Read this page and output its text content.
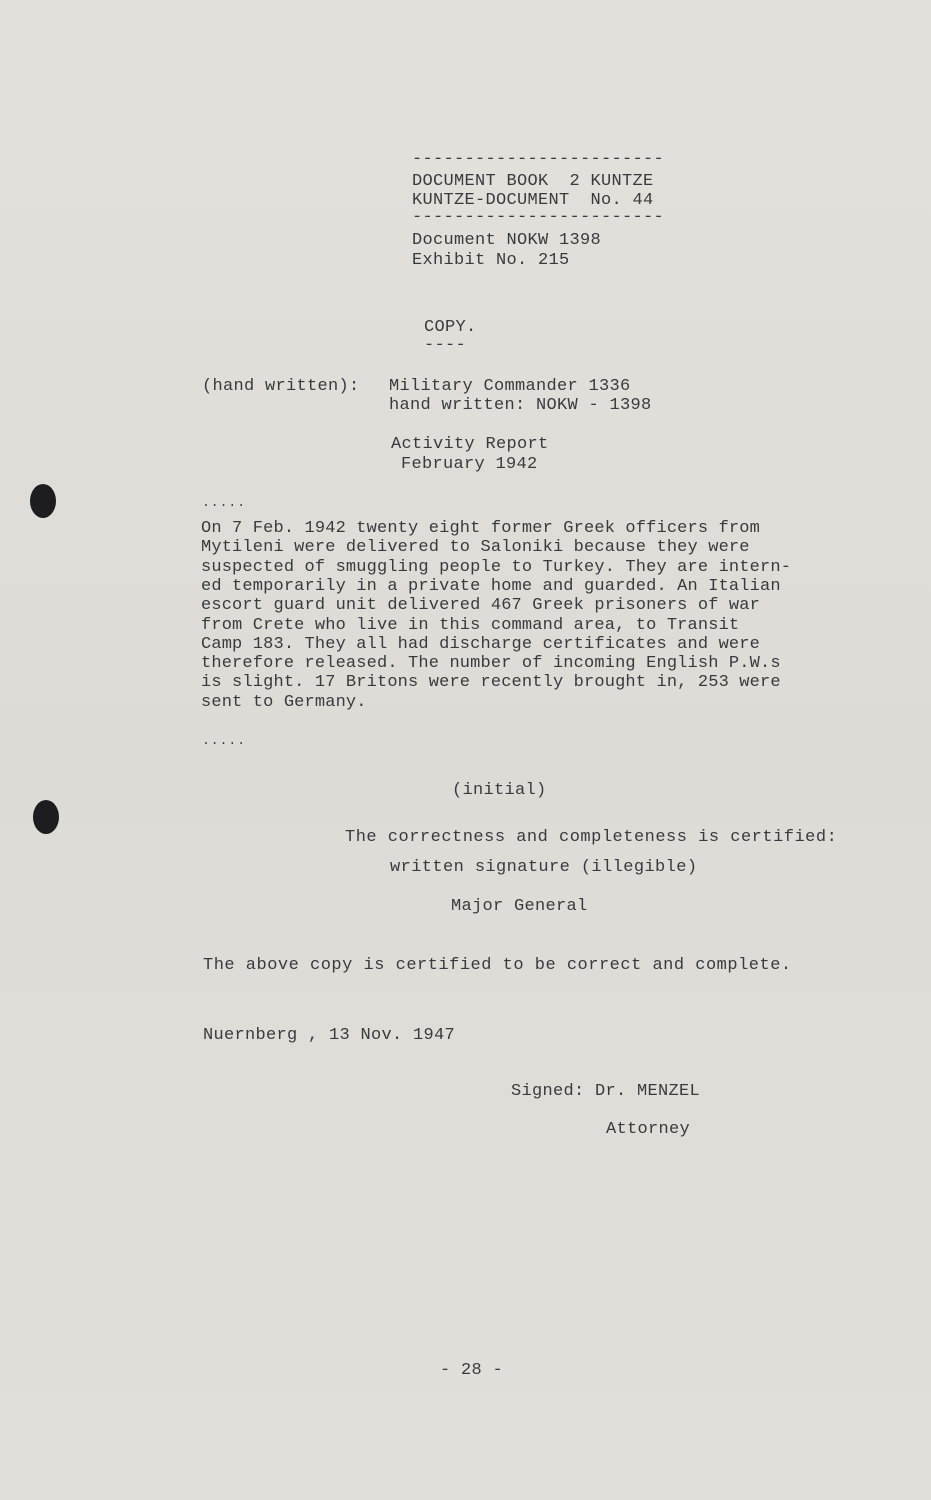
------------------------
DOCUMENT BOOK  2 KUNTZE
KUNTZE-DOCUMENT  No. 44
------------------------
Document NOKW 1398
Exhibit No. 215
COPY.
----
(hand written): Military Commander 1336
hand written: NOKW - 1398
Activity Report
February 1942
.....
On 7 Feb. 1942 twenty eight former Greek officers from
Mytileni were delivered to Saloniki because they were
suspected of smuggling people to Turkey. They are intern-
ed temporarily in a private home and guarded. An Italian
escort guard unit delivered 467 Greek prisoners of war
from Crete who live in this command area, to Transit
Camp 183. They all had discharge certificates and were
therefore released. The number of incoming English P.W.s
is slight. 17 Britons were recently brought in, 253 were
sent to Germany.
.....
(initial)
The correctness and completeness is certified:
written signature (illegible)
Major General
The above copy is certified to be correct and complete.
Nuernberg , 13 Nov. 1947
Signed: Dr. MENZEL
Attorney
- 28 -
